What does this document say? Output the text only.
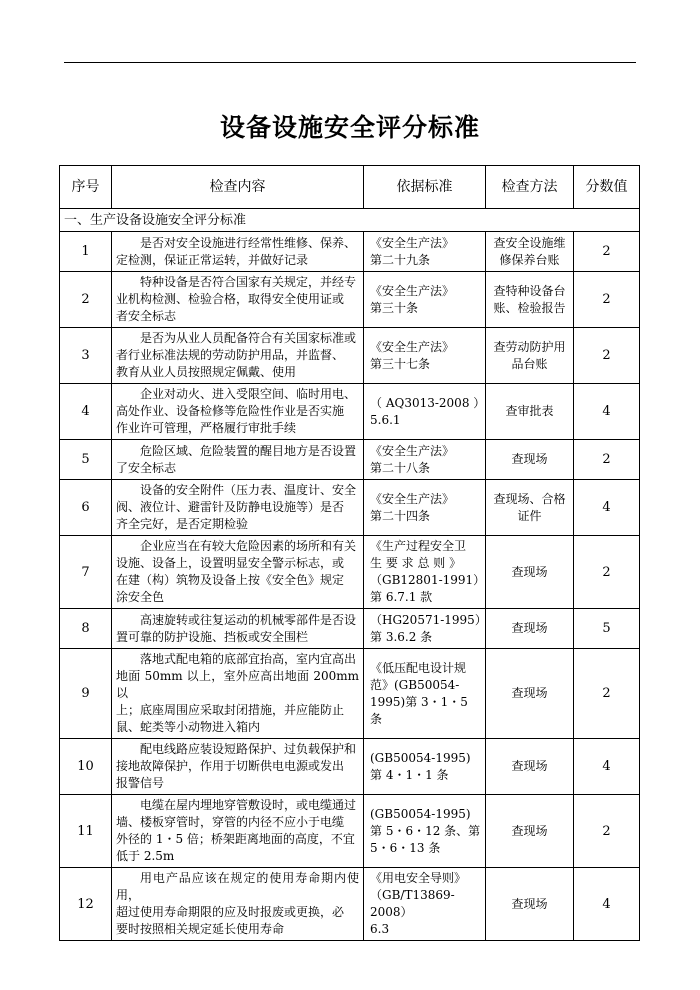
设备设施安全评分标准
序号	检查内容	依据标准	检查方法	分数值
一、生产设备设施安全评分标准				
1	是否对安全设施进行经常性维修、保养、
定检测，保证正常运转，并做好记录	《安全生产法》
第二十九条	查安全设施维
修保养台账	2
2	特种设备是否符合国家有关规定，并经专
业机构检测、检验合格，取得安全使用证或
者安全标志	《安全生产法》
第三十条	查特种设备台
账、检验报告	2
3	是否为从业人员配备符合有关国家标准或
者行业标准法规的劳动防护用品，并监督、
教育从业人员按照规定佩戴、使用	《安全生产法》
第三十七条	查劳动防护用
品台账	2
4	企业对动火、进入受限空间、临时用电、
高处作业、设备检修等危险性作业是否实施
作业许可管理，严格履行审批手续	（ AQ3013-2008 ）
5.6.1	查审批表	4
5	危险区域、危险装置的醒目地方是否设置
了安全标志	《安全生产法》
第二十八条	查现场	2
6	设备的安全附件（压力表、温度计、安全
阀、液位计、避雷针及防静电设施等）是否
齐全完好，是否定期检验	《安全生产法》
第二十四条	查现场、合格
证件	4
7	企业应当在有较大危险因素的场所和有关
设施、设备上，设置明显安全警示标志，或
在建（构）筑物及设备上按《安全色》规定
涂安全色	《生产过程安全卫
生 要 求 总 则 》
（GB12801-1991）
第 6.7.1 款	查现场	2
8	高速旋转或往复运动的机械零部件是否设
置可靠的防护设施、挡板或安全围栏	（HG20571-1995）
第 3.6.2 条	查现场	5
9	落地式配电箱的底部宜抬高，室内宜高出
地面 50mm 以上，室外应高出地面 200mm 以
上；底座周围应采取封闭措施，并应能防止
鼠、蛇类等小动物进入箱内	《低压配电设计规
范》(GB50054-
1995)第 3・1・5 条	查现场	2
10	配电线路应装设短路保护、过负载保护和
接地故障保护，作用于切断供电电源或发出
报警信号	(GB50054-1995)
第 4・1・1 条	查现场	4
11	电缆在屋内埋地穿管敷设时，或电缆通过
墙、楼板穿管时，穿管的内径不应小于电缆
外径的 1・5 倍；桥架距离地面的高度，不宜
低于 2.5m	(GB50054-1995)
第 5・6・12 条、第
5・6・13 条	查现场	2
12	用电产品应该在规定的使用寿命期内使用，
超过使用寿命期限的应及时报废或更换，必
要时按照相关规定延长使用寿命	《用电安全导则》
（GB/T13869-2008）
6.3	查现场	4
